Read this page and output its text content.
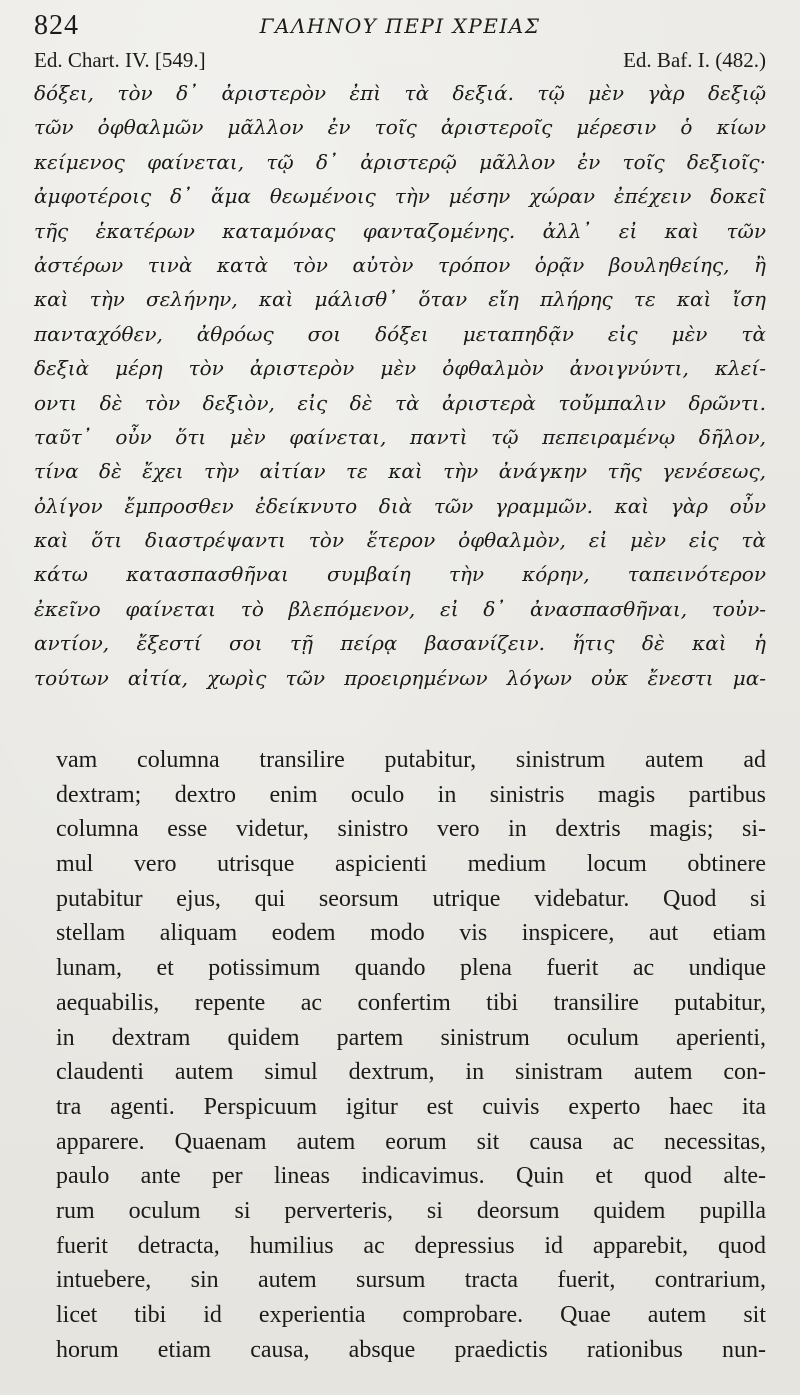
824	ΓΑΛΗΝΟΥ ΠΕΡΙ ΧΡΕΙΑΣ
Ed. Chart. IV. [549.]	Ed. Baf. I. (482.)
δόξει, τὸν δ᾽ ἀριστερὸν ἐπὶ τὰ δεξιά. τῷ μὲν γὰρ δεξιῷ
τῶν ὀφθαλμῶν μᾶλλον ἐν τοῖς ἀριστεροῖς μέρεσιν ὁ κίων
κείμενος φαίνεται, τῷ δ᾽ ἀριστερῷ μᾶλλον ἐν τοῖς δεξιοῖς·
ἀμφοτέροις δ᾽ ἅμα θεωμένοις τὴν μέσην χώραν ἐπέχειν δοκεῖ
τῆς ἑκατέρων καταμόνας φανταζομένης. ἀλλ᾽ εἰ καὶ τῶν
ἀστέρων τινὰ κατὰ τὸν αὐτὸν τρόπον ὁρᾷν βουληθείης, ἢ
καὶ τὴν σελήνην, καὶ μάλισθ᾽ ὅταν εἴη πλήρης τε καὶ ἴση
πανταχόθεν, ἀθρόως σοι δόξει μεταπηδᾷν εἰς μὲν τὰ
δεξιὰ μέρη τὸν ἀριστερὸν μὲν ὀφθαλμὸν ἀνοιγνύντι, κλεί-
οντι δὲ τὸν δεξιὸν, εἰς δὲ τὰ ἀριστερὰ τοὔμπαλιν δρῶντι.
ταῦτ᾽ οὖν ὅτι μὲν φαίνεται, παντὶ τῷ πεπειραμένῳ δῆλον,
τίνα δὲ ἔχει τὴν αἰτίαν τε καὶ τὴν ἀνάγκην τῆς γενέσεως,
ὀλίγον ἔμπροσθεν ἐδείκνυτο διὰ τῶν γραμμῶν. καὶ γὰρ οὖν
καὶ ὅτι διαστρέψαντι τὸν ἕτερον ὀφθαλμὸν, εἰ μὲν εἰς τὰ
κάτω κατασπασθῆναι συμβαίη τὴν κόρην, ταπεινότερον
ἐκεῖνο φαίνεται τὸ βλεπόμενον, εἰ δ᾽ ἀνασπασθῆναι, τοὐν-
αντίον, ἔξεστί σοι τῇ πείρᾳ βασανίζειν. ἥτις δὲ καὶ ἡ
τούτων αἰτία, χωρὶς τῶν προειρημένων λόγων οὐκ ἔνεστι μα-
vam columna transilire putabitur, sinistrum autem ad
dextram; dextro enim oculo in sinistris magis partibus
columna esse videtur, sinistro vero in dextris magis; si-
mul vero utrisque aspicienti medium locum obtinere
putabitur ejus, qui seorsum utrique videbatur. Quod si
stellam aliquam eodem modo vis inspicere, aut etiam
lunam, et potissimum quando plena fuerit ac undique
aequabilis, repente ac confertim tibi transilire putabitur,
in dextram quidem partem sinistrum oculum aperienti,
claudenti autem simul dextrum, in sinistram autem con-
tra agenti. Perspicuum igitur est cuivis experto haec ita
apparere. Quaenam autem eorum sit causa ac necessitas,
paulo ante per lineas indicavimus. Quin et quod alte-
rum oculum si perverteris, si deorsum quidem pupilla
fuerit detracta, humilius ac depressius id apparebit, quod
intuebere, sin autem sursum tracta fuerit, contrarium,
licet tibi id experientia comprobare. Quae autem sit
horum etiam causa, absque praedictis rationibus nun-
